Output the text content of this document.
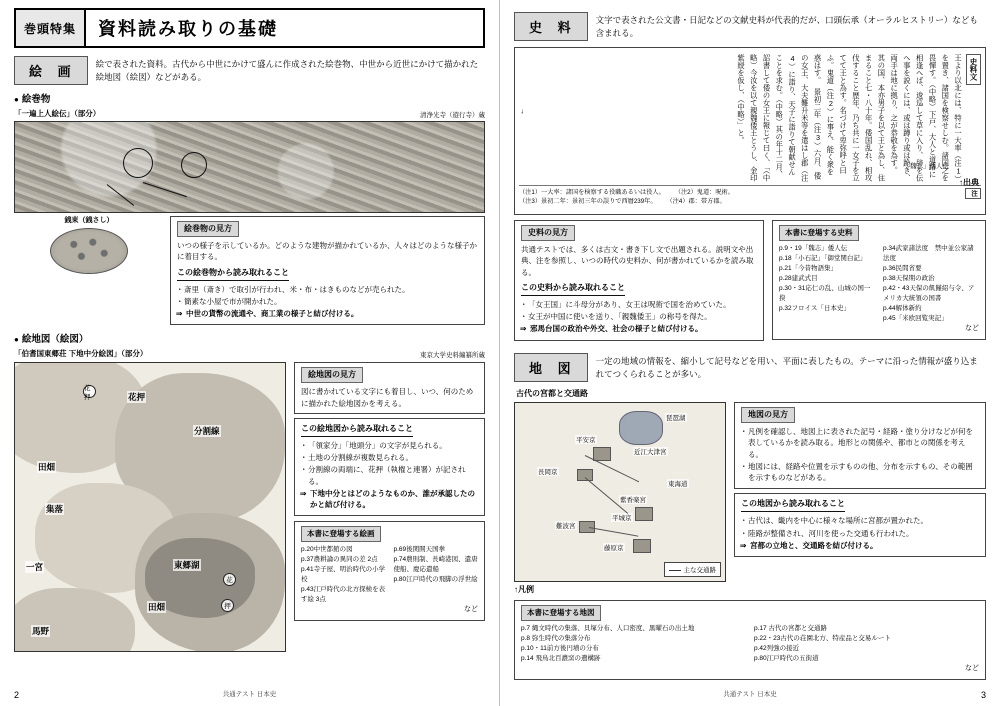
巻頭特集	資料読み取りの基礎
絵 画	絵で表された資料。古代から中世にかけて盛んに作成された絵巻物、中世から近世にかけて描かれた絵地図（絵図）などがある。
● 絵巻物
「一遍上人絵伝」（部分）	清浄光寺（遊行寺）蔵
銭束（銭さし）
絵巻物の見方
いつの様子を示しているか。どのような建物が描かれているか、人々はどのような様子かに着目する。
この絵巻物から読み取れること
・ 斎里（斎き）で取引が行われ、米・布・はきものなどが売られた。
・ 簡素な小屋で市が開かれた。
⇒ 中世の貨幣の流通や、商工業の様子と結び付ける。
● 絵地図（絵図）
「伯耆国東郷荘 下地中分絵図」（部分）	東京大学史料編纂所蔵
花押	花押
分割線
田畑
集落
東郷湖
一宮
田畑
馬野
花
押
絵地図の見方
図に書かれている文字にも着目し、いつ、何のために描かれた絵地図かを考える。
この絵地図から読み取れること
・ 「領家分」「地頭分」の文字が見られる。
・ 土地の分割線が複数見られる。
・ 分割線の両端に、花押（執権と連署）が記される。
⇒ 下地中分とはどのようなものか、誰が承認したのかと結び付ける。
本書に登場する絵画
p.20中世都館の図
p.37農耕論の異同の差 2点
p.41寺子屋、明治時代の小学校
p.43江戸時代の北方探検を表す絵 3点
p.69後関開天国拳
p.74農則制、長崎港図、遣唐使船、慶応遣船
p.80江戸時代の飛脚の浮世絵
など
2	共通テスト 日本史
史 料	文字で表された公文書・日記などの文献史料が代表的だが、口頭伝承（オーラルヒストリー）なども含まれる。
王より以北には、特に一大率（注1）を置き、諸国を検察せしむ。諸国之を畏憚す。（中略）下戸、大人と道路に相逢へば、逡巡して草に入り、辞を伝へ事を説くには、或は蹲り或は跪き、両手は地に拠り、之が恭敬を為す。　其の国、本亦男子を以て王と為し、住まること七・八十年。倭国乱れ、相攻伐すること歴年、乃ち共に一女子を立てて王と為す。名づけて卑弥呼と曰ふ。鬼道（注2）に事え、能く衆を惑はす。　景初二年（注3）六月、倭の女王、大夫難升米等を遣はし郡（注4）に詣り、天子に詣りて朝献せんことを求む。（中略）其の年十二月、詔書して倭の女王に報じて曰く、「（中略）今汝を以て親魏倭王とうし、金印紫綬を仮し、（中略）」と。	史料文
「魏志」倭人伝
↑出典
（注1）一大率：諸国を検察する役職あるいは役人。 （注2）鬼道：呪術。
（注3）景初二年：景初三年の誤りで西暦239年。 （注4）郡：帯方郡。
注
→
史料の見方
共通テストでは、多くは古文・書き下し文で出題される。説明文や出典、注を参照し、いつの時代の史料か、何が書かれているかを読み取る。
この史料から読み取れること
・ 「女王国」に斗母分があり、女王は呪術で国を治めていた。
・ 女王が中国に使いを送り、「親魏倭王」の称号を得た。
⇒ 邪馬台国の政治や外交、社会の様子と結び付ける。
本書に登場する史料
p.9・19「魏志」倭人伝
p.18「小石記」「御堂関白記」
p.21「今昔物語集」
p.28建武式目
p.30・31応仁の乱、山城の国一揆
p.32フロイス「日本史」
p.34武家諸法度　禁中並公家諸法度
p.36民間省要
p.38天保期の政治
p.42・43天保の飢饉紹与令、アメリカ大統領の国書
p.44解体新約
p.45「米欧回覧実記」
など
地 図	一定の地域の情報を、縮小して記号などを用い、平面に表したもの。テーマに沿った情報が盛り込まれてつくられることが多い。
古代の宮都と交通路
琵琶湖
平安京
近江大津宮
長岡京
東海道
紫香楽宮
平城京
難波宮
藤原京
主な交通路
↑凡例
地図の見方
・ 凡例を確認し、地図上に表された記号・経路・塗り分けなどが何を表しているかを読み取る。地形との関係や、都市との関係を考える。
・ 地図には、経路や位置を示すものの他、分布を示すもの、その範囲を示すものなどがある。
この地図から読み取れること
・ 古代は、畿内を中心に様々な場所に宮都が置かれた。
・ 陸路が整備され、河川を使った交通も行われた。
⇒ 宮都の立地と、交通路を結び付ける。
本書に登場する地図
p.7 縄文時代の集落、貝塚分布、人口密度、黒曜石の出土地
p.8 弥生時代の集落分布
p.10・11前方後円墳の分布
p.14 飛鳥北百濃窯の遺構跡
p.17 古代の宮都と交通路
p.22・23古代の荘園北方、特産品と交易ルート
p.42列強の接近
p.80江戸時代の五街道
など
3
共通テスト 日本史
